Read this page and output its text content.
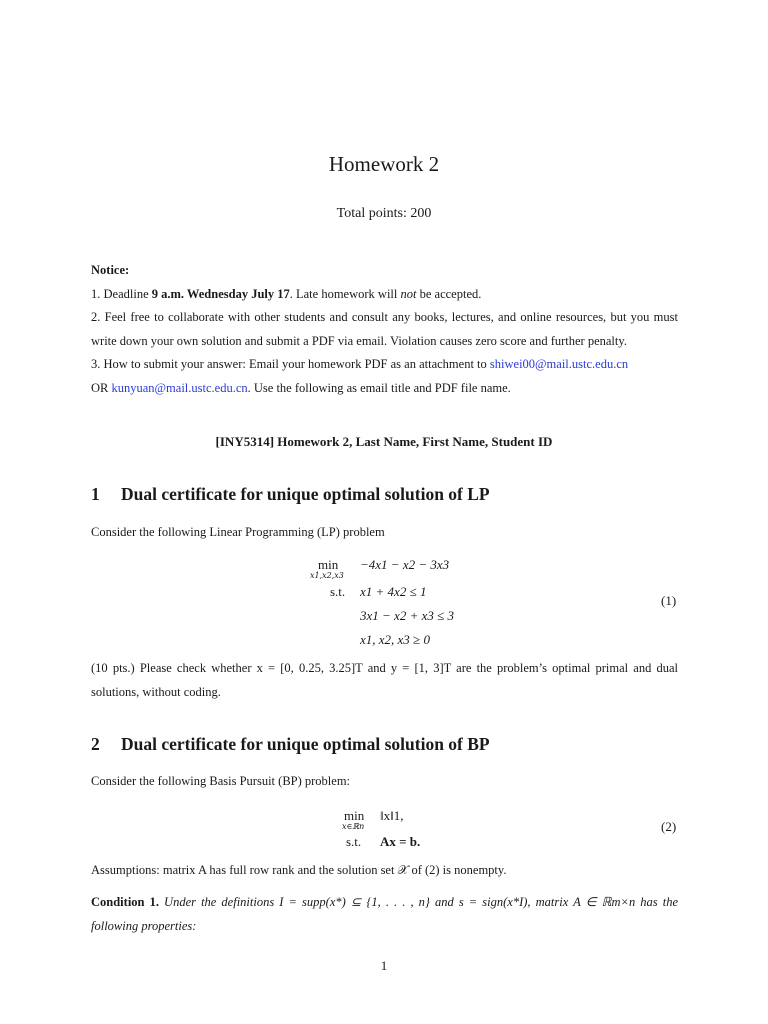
Homework 2
Total points: 200

Notice:

1. Deadline 9 a.m. Wednesday July 17. Late homework will not be accepted.

2. Feel free to collaborate with other students and consult any books, lectures, and online resources, but you must write down your own solution and submit a PDF via email. Violation causes zero score and further penalty.

3. How to submit your answer: Email your homework PDF as an attachment to shiwei00@mail.ustc.edu.cn
OR kunyuan@mail.ustc.edu.cn. Use the following as email title and PDF file name.

[INY5314] Homework 2, Last Name, First Name, Student ID
1 Dual certificate for unique optimal solution of LP
Consider the following Linear Programming (LP) problem
min
x1,x2,x3
−4x1 − x2 − 3x3
s.t. x1 + 4x2 ≤ 1
3x1 − x2 + x3 ≤ 3
x1, x2, x3 ≥ 0
(1)
(10 pts.) Please check whether x = [0, 0.25, 3.25]T and y = [1, 3]T are the problem’s optimal primal and dual solutions, without coding.
2 Dual certificate for unique optimal solution of BP
Consider the following Basis Pursuit (BP) problem:
min
x∈ℝn
‖x‖1,
s.t. Ax = b.
(2)
Assumptions: matrix A has full row rank and the solution set 𝒳 of (2) is nonempty.
Condition 1. Under the definitions I = supp(x*) ⊆ {1, . . . , n} and s = sign(x*I), matrix A ∈ ℝm×n has the following properties:
1
